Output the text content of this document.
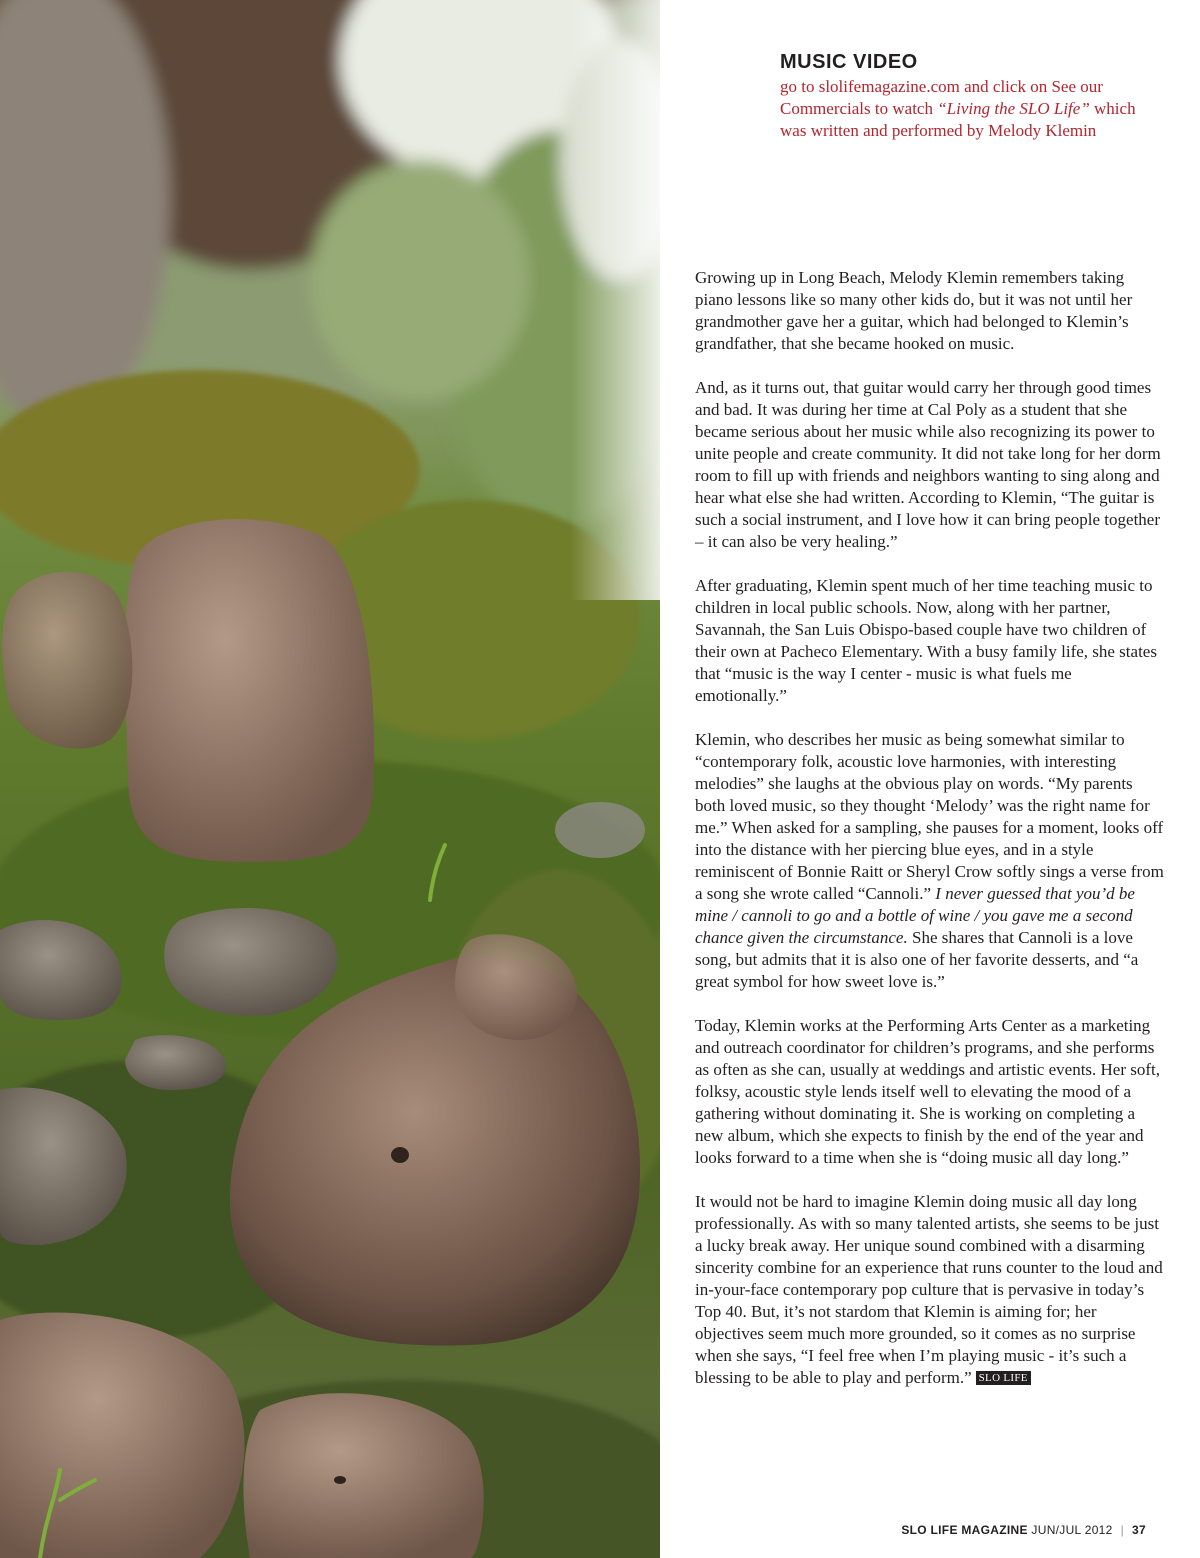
MUSIC VIDEO

go to slolifemagazine.com and click on See our Commercials to watch “Living the SLO Life” which was written and performed by Melody Klemin

Growing up in Long Beach, Melody Klemin remembers taking piano lessons like so many other kids do, but it was not until her grandmother gave her a guitar, which had belonged to Klemin’s grandfather, that she became hooked on music.

And, as it turns out, that guitar would carry her through good times and bad. It was during her time at Cal Poly as a student that she became serious about her music while also recognizing its power to unite people and create community. It did not take long for her dorm room to fill up with friends and neighbors wanting to sing along and hear what else she had written. According to Klemin, “The guitar is such a social instrument, and I love how it can bring people together – it can also be very healing.”

After graduating, Klemin spent much of her time teaching music to children in local public schools. Now, along with her partner, Savannah, the San Luis Obispo-based couple have two children of their own at Pacheco Elementary. With a busy family life, she states that “music is the way I center - music is what fuels me emotionally.”

Klemin, who describes her music as being somewhat similar to “contemporary folk, acoustic love harmonies, with interesting melodies” she laughs at the obvious play on words. “My parents both loved music, so they thought ‘Melody’ was the right name for me.” When asked for a sampling, she pauses for a moment, looks off into the distance with her piercing blue eyes, and in a style reminiscent of Bonnie Raitt or Sheryl Crow softly sings a verse from a song she wrote called “Cannoli.” I never guessed that you’d be mine / cannoli to go and a bottle of wine / you gave me a second chance given the circumstance. She shares that Cannoli is a love song, but admits that it is also one of her favorite desserts, and “a great symbol for how sweet love is.”

Today, Klemin works at the Performing Arts Center as a marketing and outreach coordinator for children’s programs, and she performs as often as she can, usually at weddings and artistic events. Her soft, folksy, acoustic style lends itself well to elevating the mood of a gathering without dominating it. She is working on completing a new album, which she expects to finish by the end of the year and looks forward to a time when she is “doing music all day long.”

It would not be hard to imagine Klemin doing music all day long professionally. As with so many talented artists, she seems to be just a lucky break away. Her unique sound combined with a disarming sincerity combine for an experience that runs counter to the loud and in-your-face contemporary pop culture that is pervasive in today’s Top 40. But, it’s not stardom that Klemin is aiming for; her objectives seem much more grounded, so it comes as no surprise when she says, “I feel free when I’m playing music - it’s such a blessing to be able to play and perform.” SLO LIFE

SLO LIFE MAGAZINE JUN/JUL 2012 | 37
